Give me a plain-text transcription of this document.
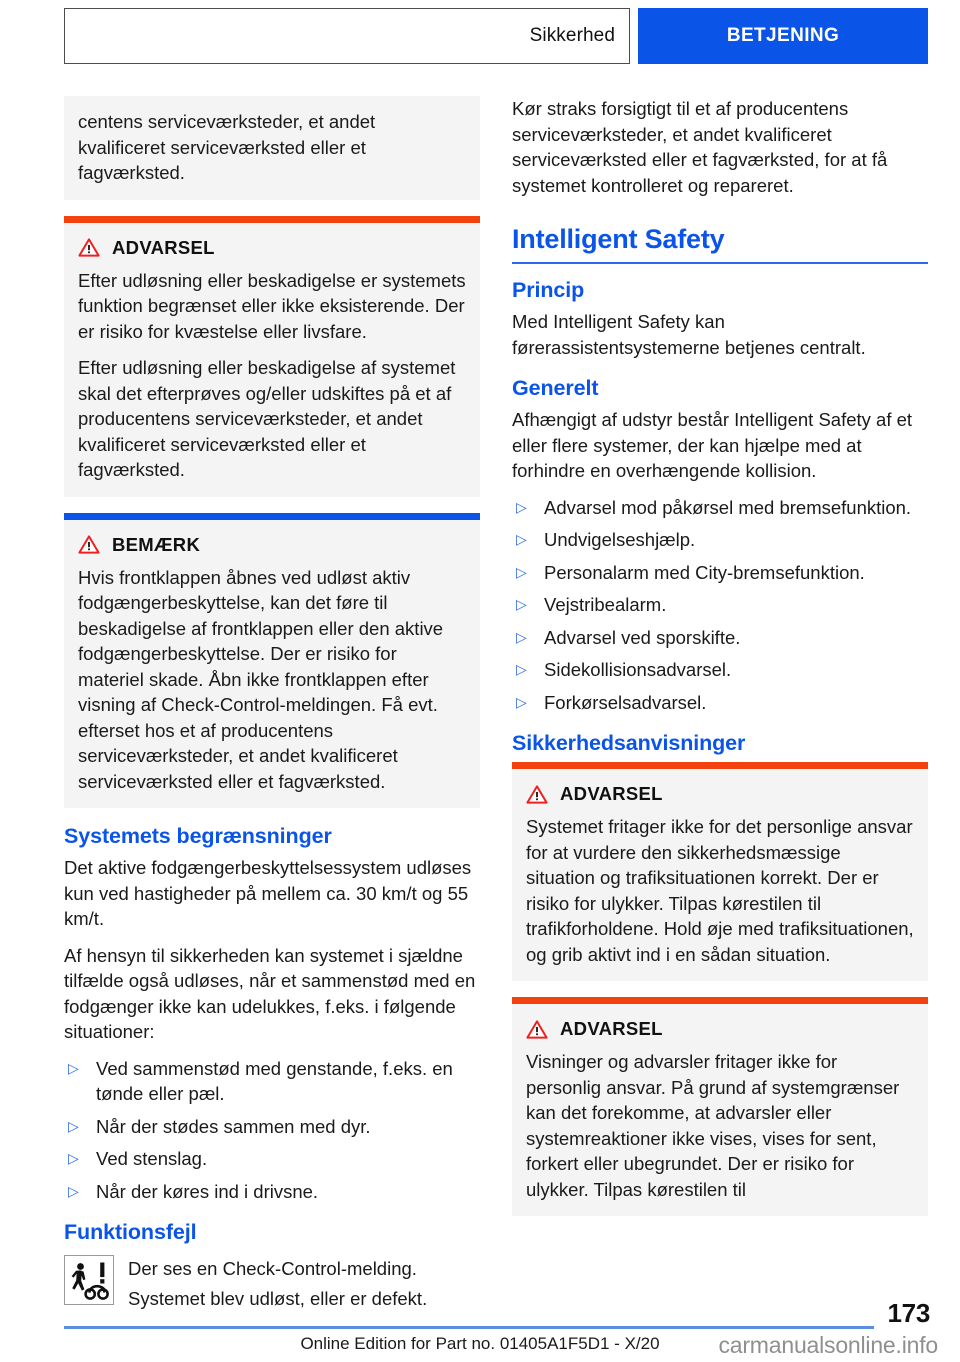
Sikkerhed	BETJENING

centens serviceværksteder, et andet kvalificeret serviceværksted eller et fagværksted.

ADVARSEL

Efter udløsning eller beskadigelse er systemets funktion begrænset eller ikke eksisterende. Der er risiko for kvæstelse eller livsfare.

Efter udløsning eller beskadigelse af systemet skal det efterprøves og/eller udskiftes på et af producentens serviceværksteder, et andet kvalificeret serviceværksted eller et fagværksted.

BEMÆRK

Hvis frontklappen åbnes ved udløst aktiv fodgængerbeskyttelse, kan det føre til beskadigelse af frontklappen eller den aktive fodgængerbeskyttelse. Der er risiko for materiel skade. Åbn ikke frontklappen efter visning af Check-Control-meldingen. Få evt. efterset hos et af producentens serviceværksteder, et andet kvalificeret serviceværksted eller et fagværksted.

Systemets begrænsninger

Det aktive fodgængerbeskyttelsessystem udløses kun ved hastigheder på mellem ca. 30 km/t og 55 km/t.

Af hensyn til sikkerheden kan systemet i sjældne tilfælde også udløses, når et sammenstød med en fodgænger ikke kan udelukkes, f.eks. i følgende situationer:

▷ Ved sammenstød med genstande, f.eks. en tønde eller pæl.
▷ Når der stødes sammen med dyr.
▷ Ved stenslag.
▷ Når der køres ind i drivsne.
Funktionsfejl

Der ses en Check-Control-melding.

Systemet blev udløst, eller er defekt.

Kør straks forsigtigt til et af producentens serviceværksteder, et andet kvalificeret serviceværksted eller et fagværksted, for at få systemet kontrolleret og repareret.

Intelligent Safety
Princip

Med Intelligent Safety kan førerassistentsystemerne betjenes centralt.

Generelt

Afhængigt af udstyr består Intelligent Safety af et eller flere systemer, der kan hjælpe med at forhindre en overhængende kollision.

▷ Advarsel mod påkørsel med bremsefunktion.
▷ Undvigelseshjælp.
▷ Personalarm med City-bremsefunktion.
▷ Vejstribealarm.
▷ Advarsel ved sporskifte.
▷ Sidekollisionsadvarsel.
▷ Forkørselsadvarsel.
Sikkerhedsanvisninger
ADVARSEL

Systemet fritager ikke for det personlige ansvar for at vurdere den sikkerhedsmæssige situation og trafiksituationen korrekt. Der er risiko for ulykker. Tilpas kørestilen til trafikforholdene. Hold øje med trafiksituationen, og grib aktivt ind i en sådan situation.

ADVARSEL

Visninger og advarsler fritager ikke for personlig ansvar. På grund af systemgrænser kan det forekomme, at advarsler eller systemreaktioner ikke vises, vises for sent, forkert eller ubegrundet. Der er risiko for ulykker. Tilpas kørestilen til

173
Online Edition for Part no. 01405A1F5D1 - X/20	carmanualsonline.info
